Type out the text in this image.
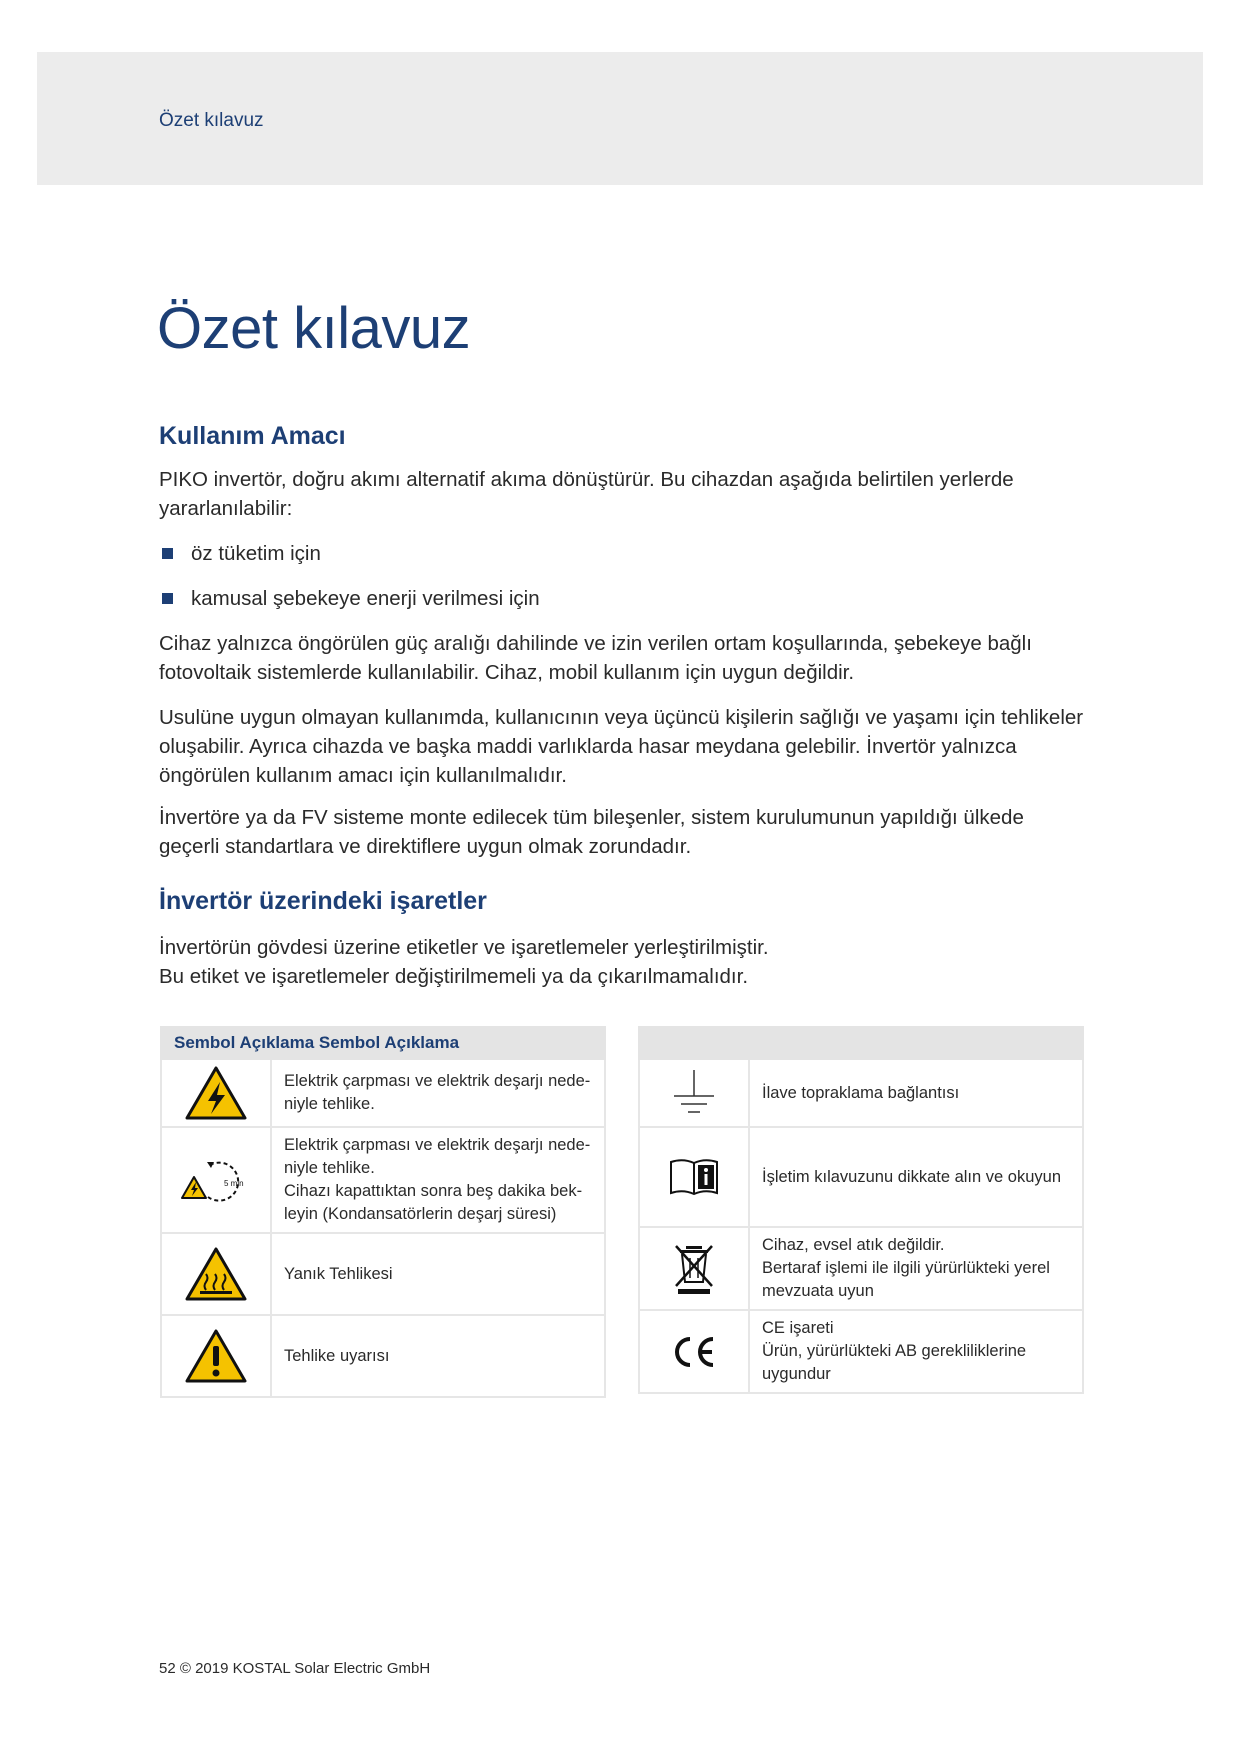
Özet kılavuz
Özet kılavuz
Kullanım Amacı

PIKO invertör, doğru akımı alternatif akıma dönüştürür. Bu cihazdan aşağıda belirtilen yerlerde yararlanılabilir:

öz tüketim için
kamusal şebekeye enerji verilmesi için

Cihaz yalnızca öngörülen güç aralığı dahilinde ve izin verilen ortam koşullarında, şebekeye bağlı fotovoltaik sistemlerde kullanılabilir. Cihaz, mobil kullanım için uygun değildir.

Usulüne uygun olmayan kullanımda, kullanıcının veya üçüncü kişilerin sağlığı ve yaşamı için tehlikeler oluşabilir. Ayrıca cihazda ve başka maddi varlıklarda hasar meydana gelebilir. İnvertör yalnızca öngörülen kullanım amacı için kullanılmalıdır.

İnvertöre ya da FV sisteme monte edilecek tüm bileşenler, sistem kurulumunun yapıldığı ülkede geçerli standartlara ve direktiflere uygun olmak zorundadır.

İnvertör üzerindeki işaretler

İnvertörün gövdesi üzerine etiketler ve işaretlemeler yerleştirilmiştir.

Bu etiket ve işaretlemeler değiştirilmemeli ya da çıkarılmamalıdır.

Sembol Açıklama Sembol Açıklama	

Elektrik çarpması ve elektrik deşarjı nede-
niyle tehlike.

5 min	Elektrik çarpması ve elektrik deşarjı nede-
niyle tehlike.
Cihazı kapattıktan sonra beş dakika bek-
leyin (Kondansatörlerin deşarj süresi)

Yanık Tehlikesi

Tehlike uyarısı

İlave topraklama bağlantısı

İşletim kılavuzunu dikkate alın ve okuyun

Cihaz, evsel atık değildir.
Bertaraf işlemi ile ilgili yürürlükteki yerel
mevzuata uyun

CE işareti
Ürün, yürürlükteki AB gerekliliklerine
uygundur
52 © 2019 KOSTAL Solar Electric GmbH
